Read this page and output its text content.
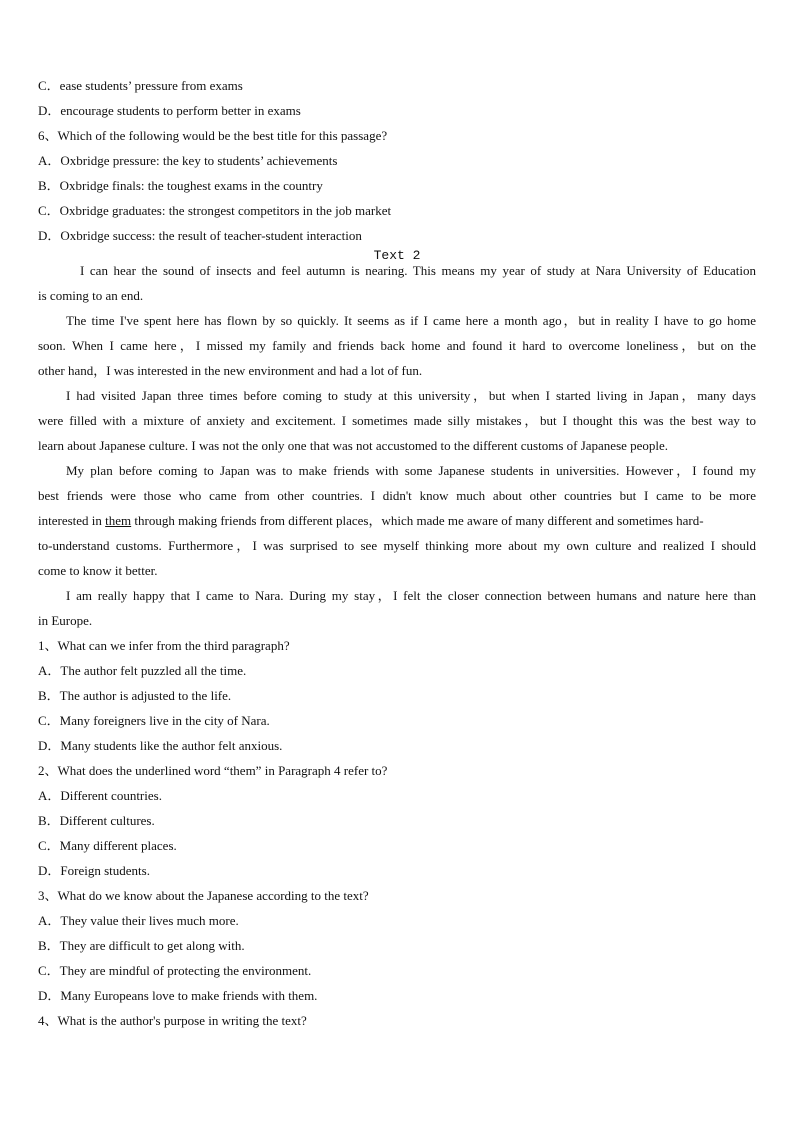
C．ease students’ pressure from exams
D．encourage students to perform better in exams
6、Which of the following would be the best title for this passage?
A．Oxbridge pressure: the key to students’ achievements
B．Oxbridge finals: the toughest exams in the country
C．Oxbridge graduates: the strongest competitors in the job market
D．Oxbridge success: the result of teacher-student interaction
Text 2
I can hear the sound of insects and feel autumn is nearing. This means my year of study at Nara University of Education
is coming to an end.
The time I've spent here has flown by so quickly. It seems as if I came here a month ago，but in reality I have to go home
soon. When I came here，I missed my family and friends back home and found it hard to overcome loneliness，but on the
other hand，I was interested in the new environment and had a lot of fun.
I had visited Japan three times before coming to study at this university，but when I started living in Japan，many days
were filled with a mixture of anxiety and excitement. I sometimes made silly mistakes，but I thought this was the best way to
learn about Japanese culture. I was not the only one that was not accustomed to the different customs of Japanese people.
My plan before coming to Japan was to make friends with some Japanese students in universities. However，I found my
best friends were those who came from other countries. I didn't know much about other countries but I came to be more
interested in them through making friends from different places，which made me aware of many different and sometimes hard-
to-understand customs. Furthermore，I was surprised to see myself thinking more about my own culture and realized I should
come to know it better.
I am really happy that I came to Nara. During my stay，I felt the closer connection between humans and nature here than
in Europe.
1、What can we infer from the third paragraph?
A．The author felt puzzled all the time.
B．The author is adjusted to the life.
C．Many foreigners live in the city of Nara.
D．Many students like the author felt anxious.
2、What does the underlined word “them” in Paragraph 4 refer to?
A．Different countries.
B．Different cultures.
C．Many different places.
D．Foreign students.
3、What do we know about the Japanese according to the text?
A．They value their lives much more.
B．They are difficult to get along with.
C．They are mindful of protecting the environment.
D．Many Europeans love to make friends with them.
4、What is the author's purpose in writing the text?
